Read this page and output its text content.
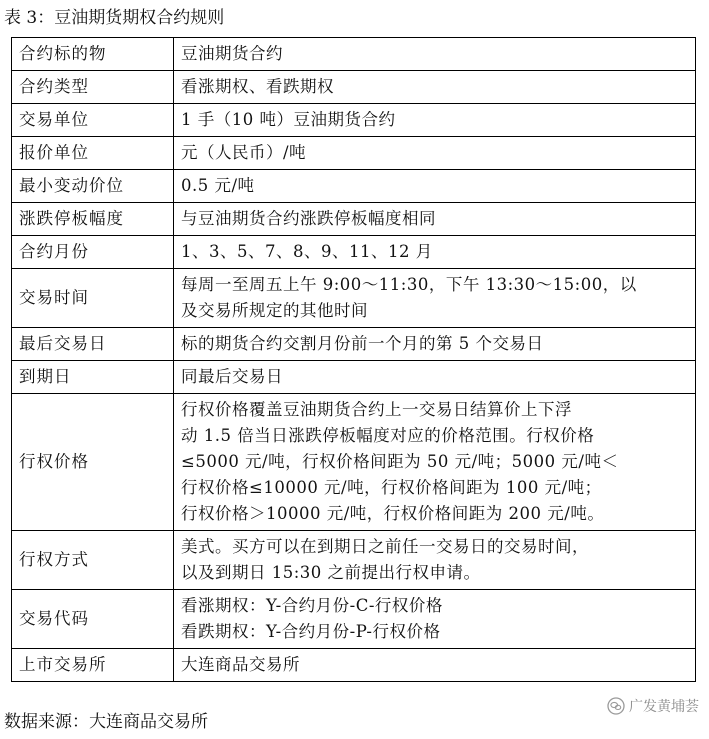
表 3：豆油期货期权合约规则
合约标的物	豆油期货合约

合约类型	看涨期权、看跌期权

交易单位	1 手（10 吨）豆油期货合约

报价单位	元（人民币）/吨

最小变动价位	0.5 元/吨

涨跌停板幅度	与豆油期货合约涨跌停板幅度相同

合约月份	1、3、5、7、8、9、11、12 月

交易时间	每周一至周五上午 9:00～11:30，下午 13:30～15:00，以
及交易所规定的其他时间

最后交易日	标的期货合约交割月份前一个月的第 5 个交易日

到期日	同最后交易日

行权价格	行权价格覆盖豆油期货合约上一交易日结算价上下浮
动 1.5 倍当日涨跌停板幅度对应的价格范围。行权价格
≤5000 元/吨，行权价格间距为 50 元/吨；5000 元/吨＜
行权价格≤10000 元/吨，行权价格间距为 100 元/吨；
行权价格＞10000 元/吨，行权价格间距为 200 元/吨。

行权方式	美式。买方可以在到期日之前任一交易日的交易时间，
以及到期日 15:30 之前提出行权申请。

交易代码	看涨期权：Y-合约月份-C-行权价格
看跌期权：Y-合约月份-P-行权价格

上市交易所	大连商品交易所
数据来源：大连商品交易所
广发黄埔荟
